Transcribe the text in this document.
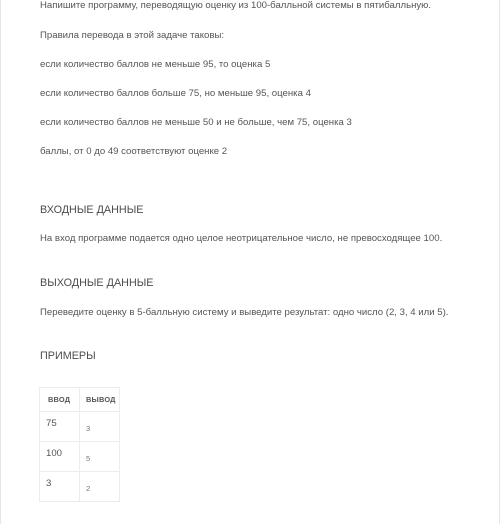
Напишите программу, переводящую оценку из 100-балльной системы в пятибалльную.

Правила перевода в этой задаче таковы:

если количество баллов не меньше 95, то оценка 5

если количество баллов больше 75, но меньше 95, оценка 4

если количество баллов не меньше 50 и не больше, чем 75, оценка 3

баллы, от 0 до 49 соответствуют оценке 2

ВХОДНЫЕ ДАННЫЕ

На вход программе подается одно целое неотрицательное число, не превосходящее 100.

ВЫХОДНЫЕ ДАННЫЕ

Переведите оценку в 5-балльную систему и выведите результат: одно число (2, 3, 4 или 5).

ПРИМЕРЫ

ВВОД	ВЫВОД
75	3
100	5
3	2
